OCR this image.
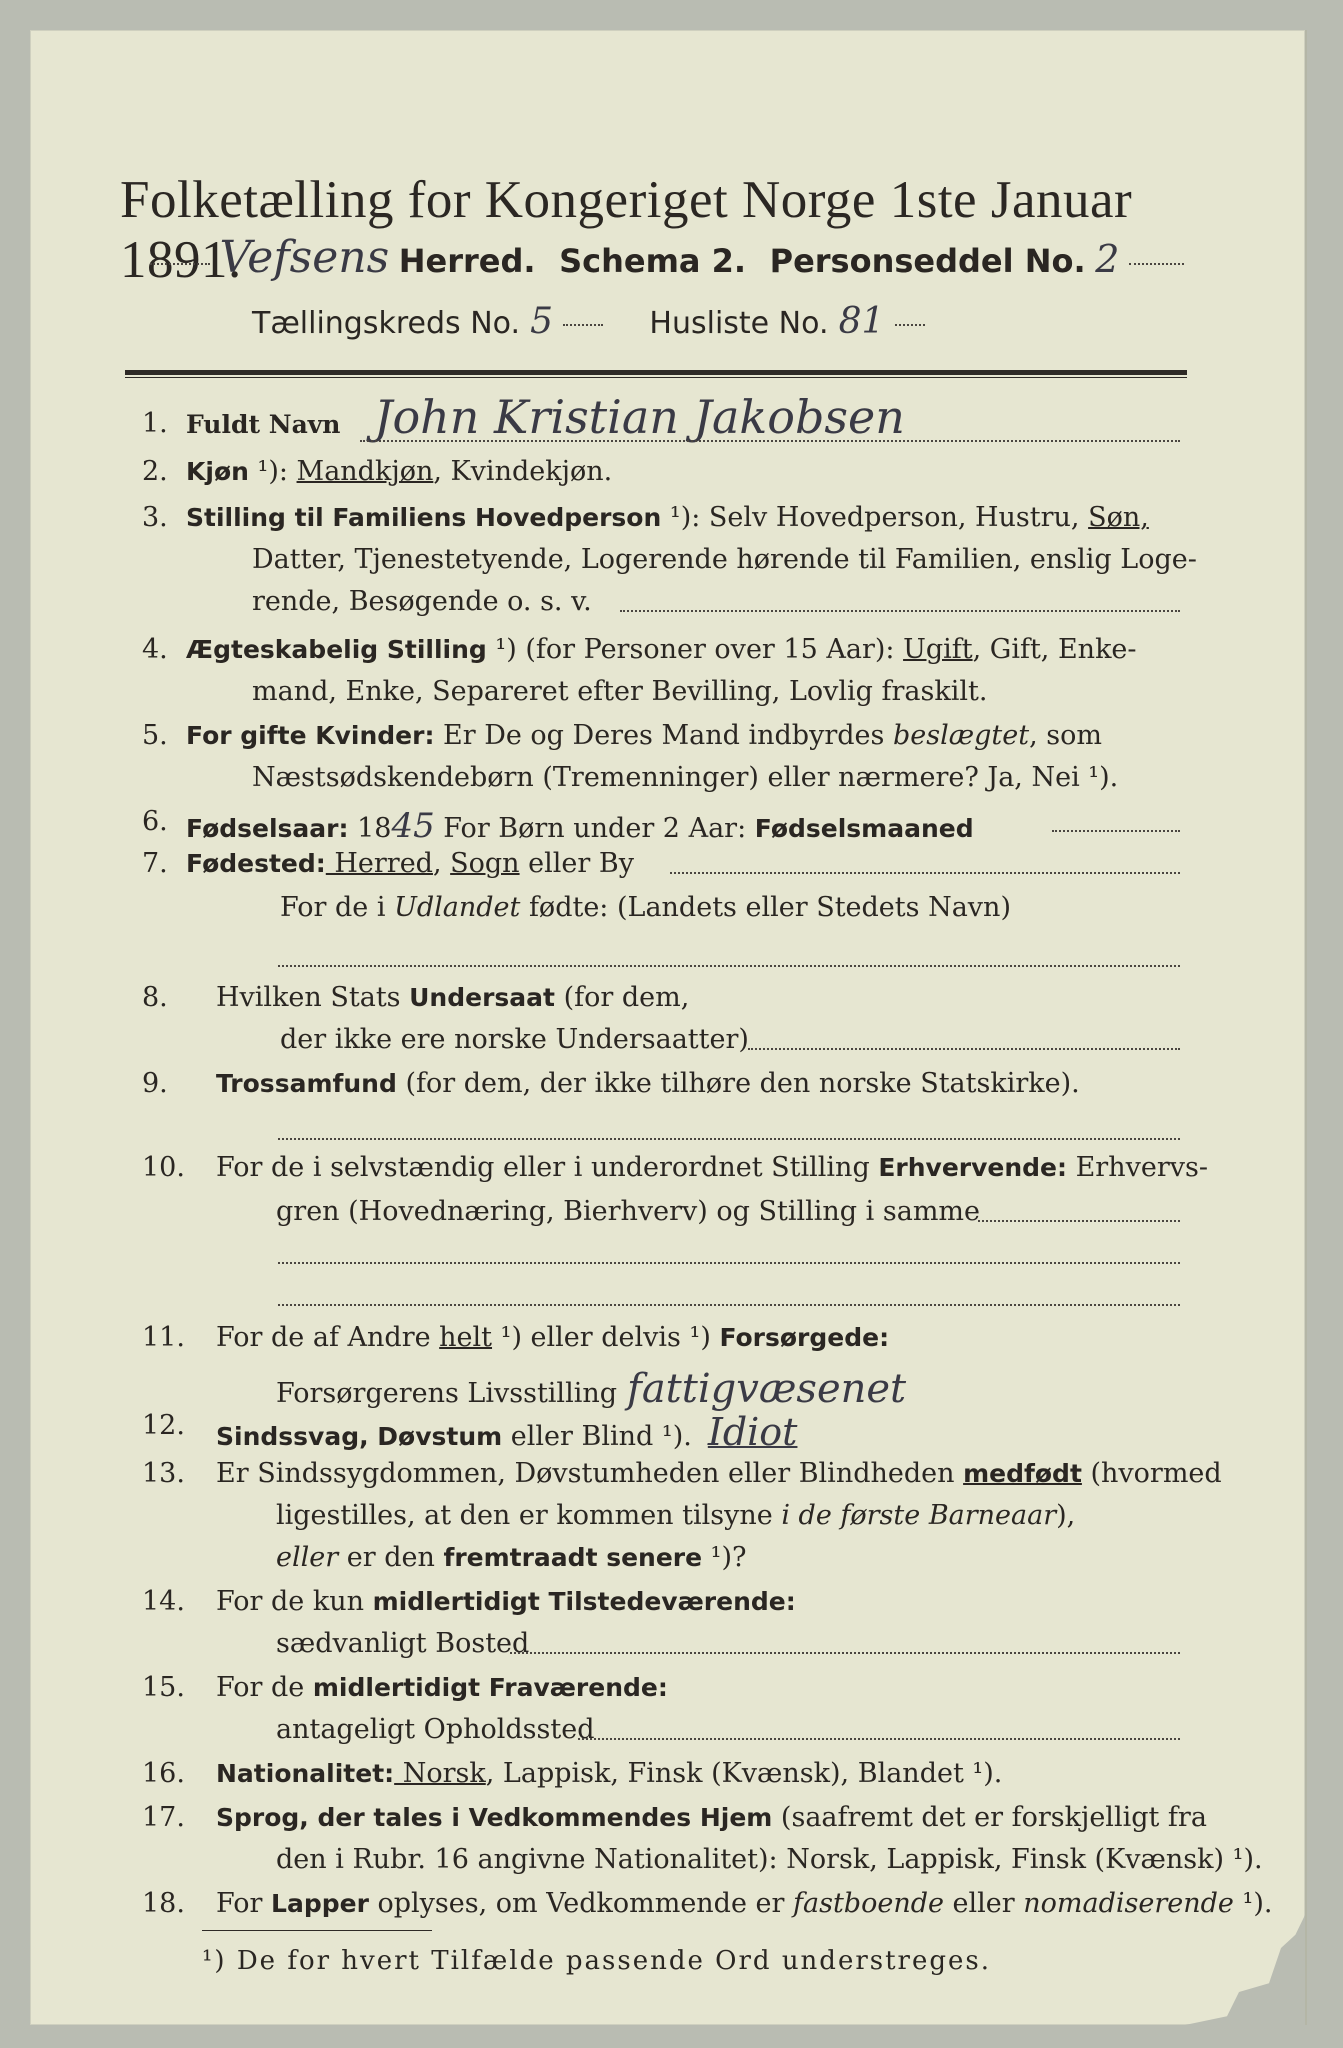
Folketælling for Kongeriget Norge 1ste Januar 1891.
Vefsens Herred. Schema 2. Personseddel No. 2
Tællingskreds No. 5	Husliste No. 81
1. Fuldt Navn John Kristian Jakobsen
2. Kjøn ¹): Mandkjøn, Kvindekjøn.
3. Stilling til Familiens Hovedperson ¹): Selv Hovedperson, Hustru, Søn,
Datter, Tjenestetyende, Logerende hørende til Familien, enslig Loge-
rende, Besøgende o. s. v.
4. Ægteskabelig Stilling ¹) (for Personer over 15 Aar): Ugift, Gift, Enke-
mand, Enke, Separeret efter Bevilling, Lovlig fraskilt.
5. For gifte Kvinder: Er De og Deres Mand indbyrdes beslægtet, som
Næstsødskendebørn (Tremenninger) eller nærmere? Ja, Nei ¹).
6. Fødselsaar: 1845 For Børn under 2 Aar: Fødselsmaaned
7. Fødested: Herred, Sogn eller By
For de i Udlandet fødte: (Landets eller Stedets Navn)
8. Hvilken Stats Undersaat (for dem,
der ikke ere norske Undersaatter)
9. Trossamfund (for dem, der ikke tilhøre den norske Statskirke).
10. For de i selvstændig eller i underordnet Stilling Erhvervende: Erhvervs-
gren (Hovednæring, Bierhverv) og Stilling i samme
11. For de af Andre helt ¹) eller delvis ¹) Forsørgede:
Forsørgerens Livsstilling fattigvæsenet
12. Sindssvag, Døvstum eller Blind ¹). Idiot
13. Er Sindssygdommen, Døvstumheden eller Blindheden medfødt (hvormed
ligestilles, at den er kommen tilsyne i de første Barneaar),
eller er den fremtraadt senere ¹)?
14. For de kun midlertidigt Tilstedeværende:
sædvanligt Bosted
15. For de midlertidigt Fraværende:
antageligt Opholdssted
16. Nationalitet: Norsk, Lappisk, Finsk (Kvænsk), Blandet ¹).
17. Sprog, der tales i Vedkommendes Hjem (saafremt det er forskjelligt fra
den i Rubr. 16 angivne Nationalitet): Norsk, Lappisk, Finsk (Kvænsk) ¹).
18. For Lapper oplyses, om Vedkommende er fastboende eller nomadiserende ¹).
¹) De for hvert Tilfælde passende Ord understreges.
